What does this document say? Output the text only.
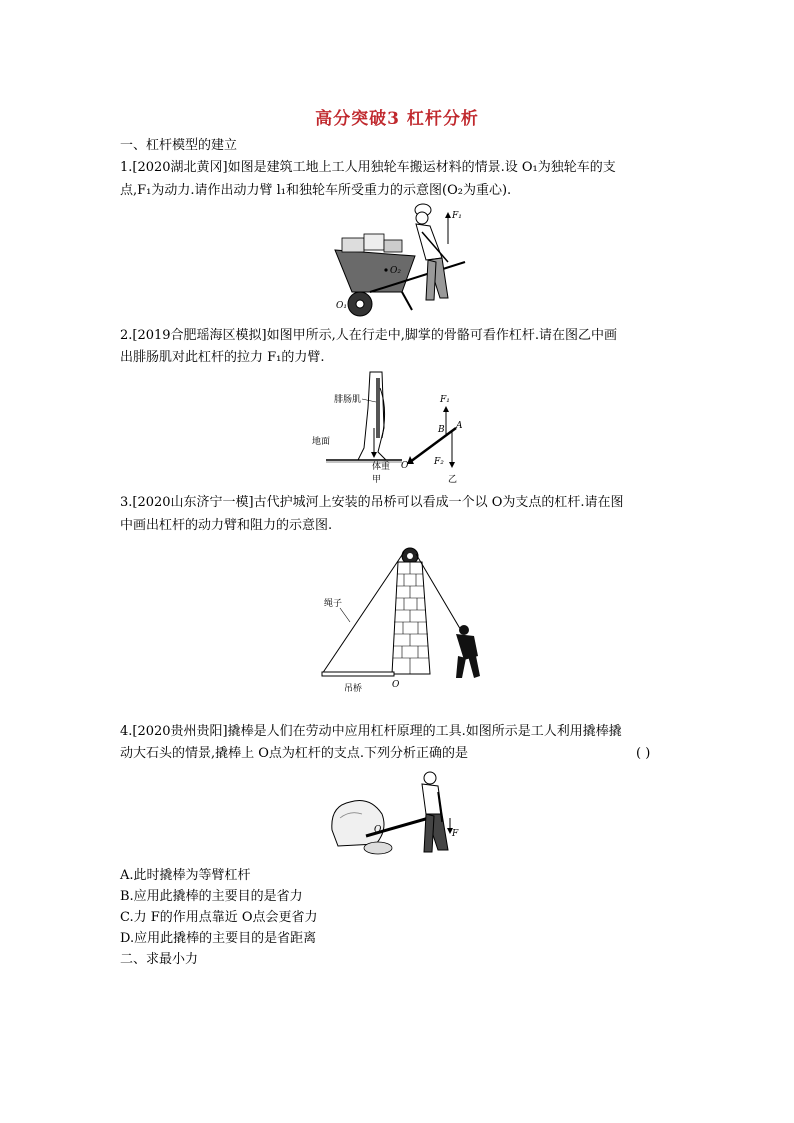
高分突破3 杠杆分析
一、杠杆模型的建立
1.[2020湖北黄冈]如图是建筑工地上工人用独轮车搬运材料的情景.设 O₁为独轮车的支
点,F₁为动力.请作出动力臂 l₁和独轮车所受重力的示意图(O₂为重心).
O₂
O₁
F₁
2.[2019合肥瑶海区模拟]如图甲所示,人在行走中,脚掌的骨骼可看作杠杆.请在图乙中画
出腓肠肌对此杠杆的拉力 F₁的力臂.
腓肠肌
地面
体重
甲
F₁
A
B
O	F₂
乙
3.[2020山东济宁一模]古代护城河上安装的吊桥可以看成一个以 O为支点的杠杆.请在图
中画出杠杆的动力臂和阻力的示意图.
绳子
吊桥	O
4.[2020贵州贵阳]撬棒是人们在劳动中应用杠杆原理的工具.如图所示是工人利用撬棒撬
动大石头的情景,撬棒上 O点为杠杆的支点.下列分析正确的是	( )
O	F
A.此时撬棒为等臂杠杆
B.应用此撬棒的主要目的是省力
C.力 F的作用点靠近 O点会更省力
D.应用此撬棒的主要目的是省距离
二、求最小力
